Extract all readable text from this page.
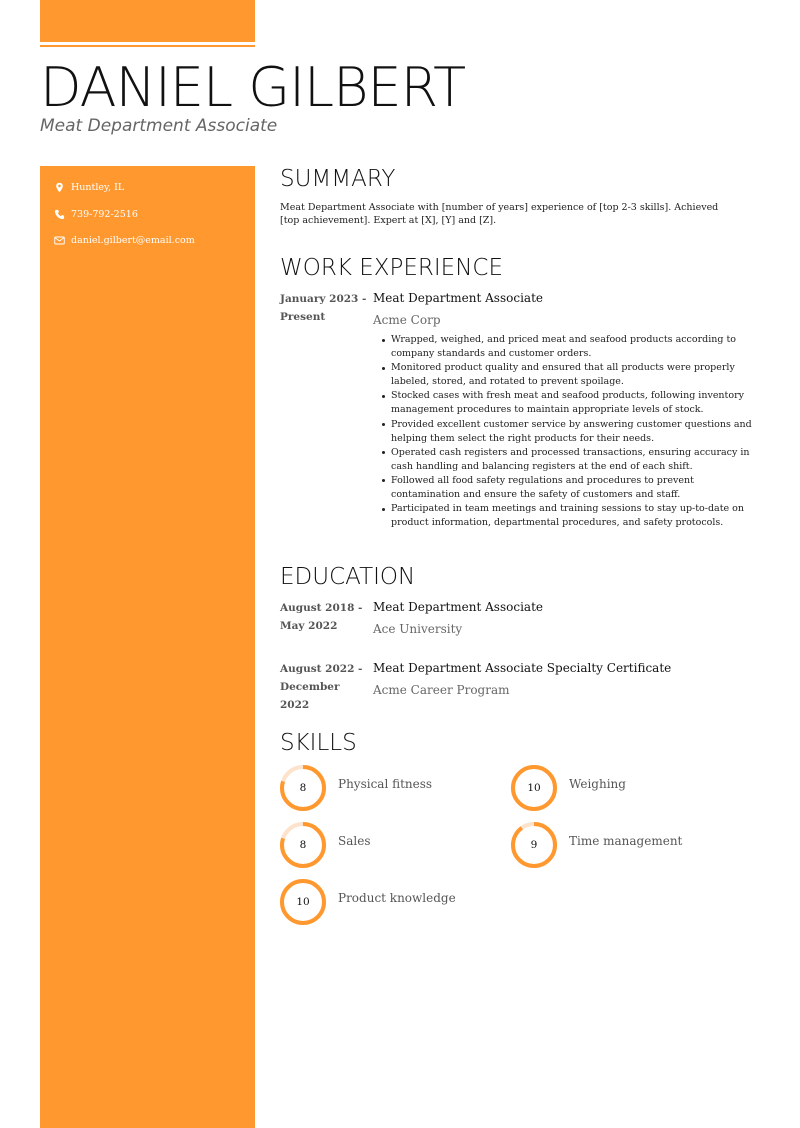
DANIEL GILBERT
Meat Department Associate
Huntley, IL
739-792-2516
daniel.gilbert@email.com
SUMMARY
Meat Department Associate with [number of years] experience of [top 2-3 skills]. Achieved [top achievement]. Expert at [X], [Y] and [Z].
WORK EXPERIENCE
January 2023 -
Present
Meat Department Associate
Acme Corp
Wrapped, weighed, and priced meat and seafood products according to company standards and customer orders.
Monitored product quality and ensured that all products were properly labeled, stored, and rotated to prevent spoilage.
Stocked cases with fresh meat and seafood products, following inventory management procedures to maintain appropriate levels of stock.
Provided excellent customer service by answering customer questions and helping them select the right products for their needs.
Operated cash registers and processed transactions, ensuring accuracy in cash handling and balancing registers at the end of each shift.
Followed all food safety regulations and procedures to prevent contamination and ensure the safety of customers and staff.
Participated in team meetings and training sessions to stay up-to-date on product information, departmental procedures, and safety protocols.
EDUCATION
August 2018 -
May 2022
Meat Department Associate
Ace University
August 2022 -
December 2022
Meat Department Associate Specialty Certificate
Acme Career Program
SKILLS
8	Physical fitness	10	Weighing
8	Sales	9	Time management
10	Product knowledge
